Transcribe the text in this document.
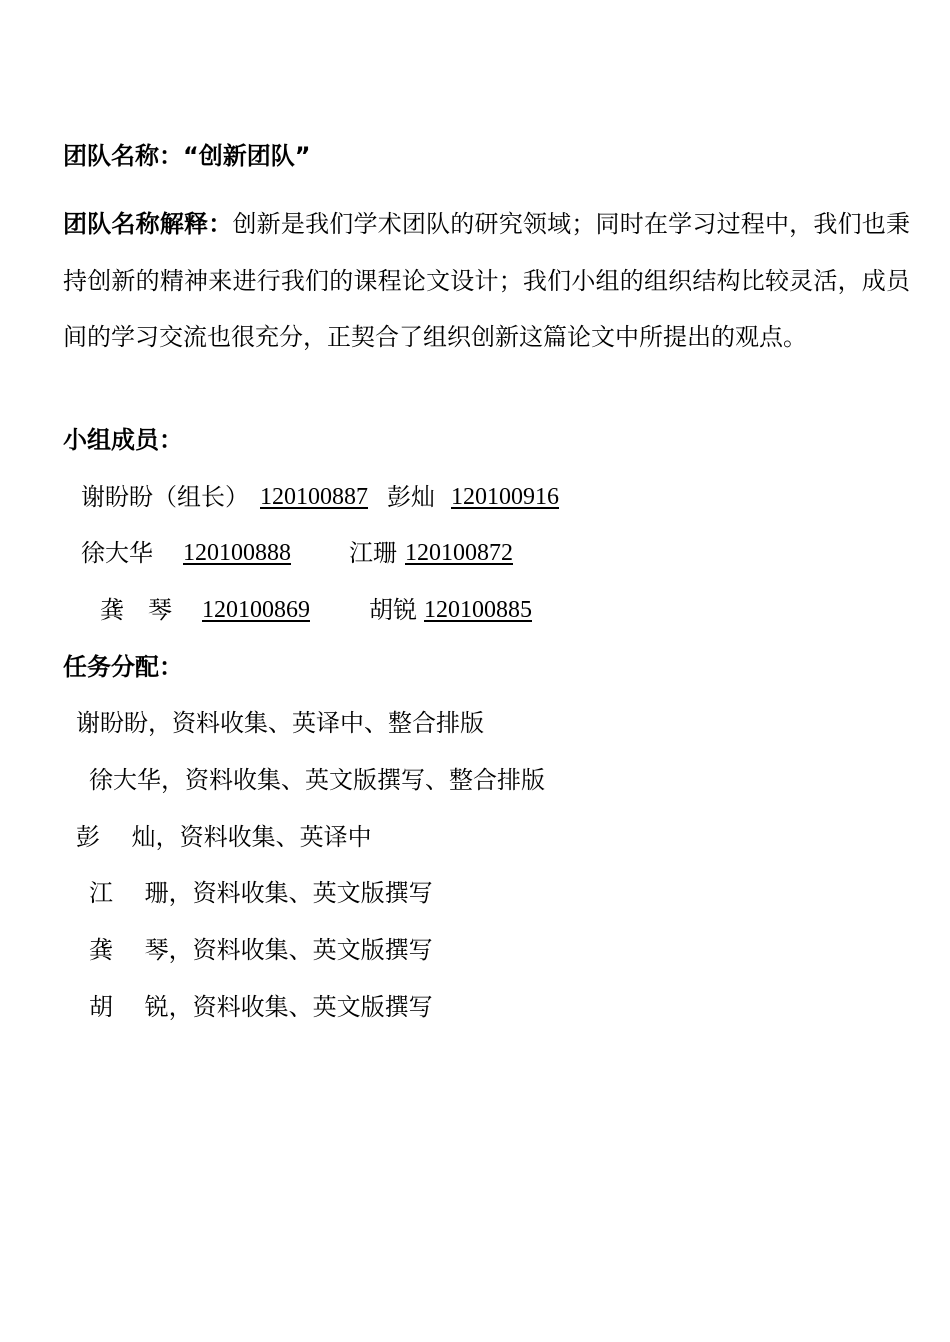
团队名称：“创新团队”
团队名称解释：创新是我们学术团队的研究领域；同时在学习过程中，我们也秉持创新的精神来进行我们的课程论文设计；我们小组的组织结构比较灵活，成员间的学习交流也很充分，正契合了组织创新这篇论文中所提出的观点。
小组成员：
谢盼盼（组长） 120100887 彭灿 120100916
徐大华 120100888 江珊 120100872
龚　琴 120100869 胡锐 120100885
任务分配：
谢盼盼，资料收集、英译中、整合排版
徐大华，资料收集、英文版撰写、整合排版
彭　 灿，资料收集、英译中
江　 珊，资料收集、英文版撰写
龚　 琴，资料收集、英文版撰写
胡　 锐，资料收集、英文版撰写
